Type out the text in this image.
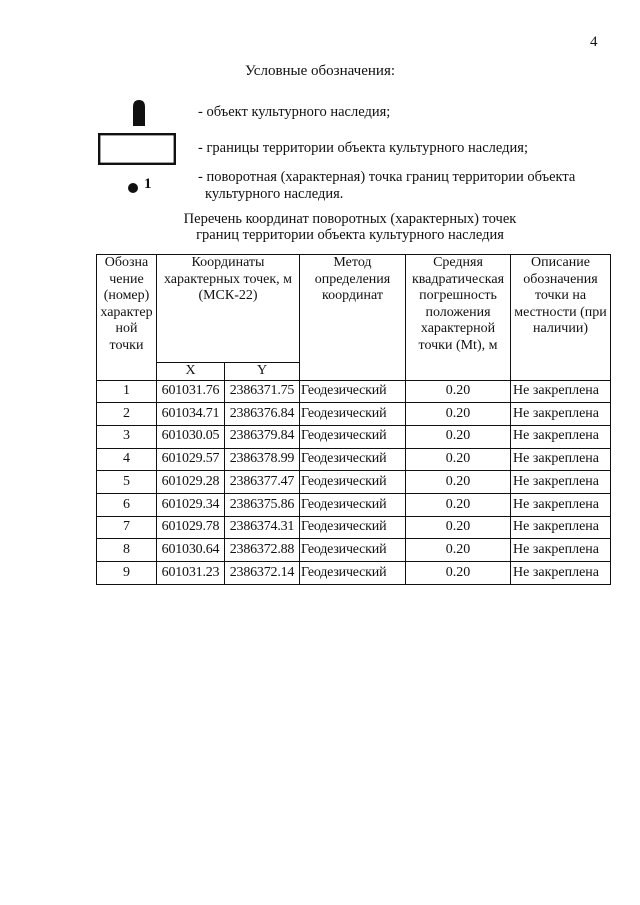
4
Условные обозначения:
- объект культурного наследия;
- границы территории объекта культурного наследия;
1	- поворотная (характерная) точка границ территории объекта
культурного наследия.
Перечень координат поворотных (характерных) точек
границ территории объекта культурного наследия
Обозна чение (номер) характер ной точки	Координаты характерных точек, м (МСК-22)		Метод определения координат	Средняя квадратическая погрешность положения характерной точки (Mt), м	Описание обозначения точки на местности (при наличии)

	X	Y			
1	601031.76	2386371.75	Геодезический	0.20	Не закреплена
2	601034.71	2386376.84	Геодезический	0.20	Не закреплена
3	601030.05	2386379.84	Геодезический	0.20	Не закреплена
4	601029.57	2386378.99	Геодезический	0.20	Не закреплена
5	601029.28	2386377.47	Геодезический	0.20	Не закреплена
6	601029.34	2386375.86	Геодезический	0.20	Не закреплена
7	601029.78	2386374.31	Геодезический	0.20	Не закреплена
8	601030.64	2386372.88	Геодезический	0.20	Не закреплена
9	601031.23	2386372.14	Геодезический	0.20	Не закреплена
